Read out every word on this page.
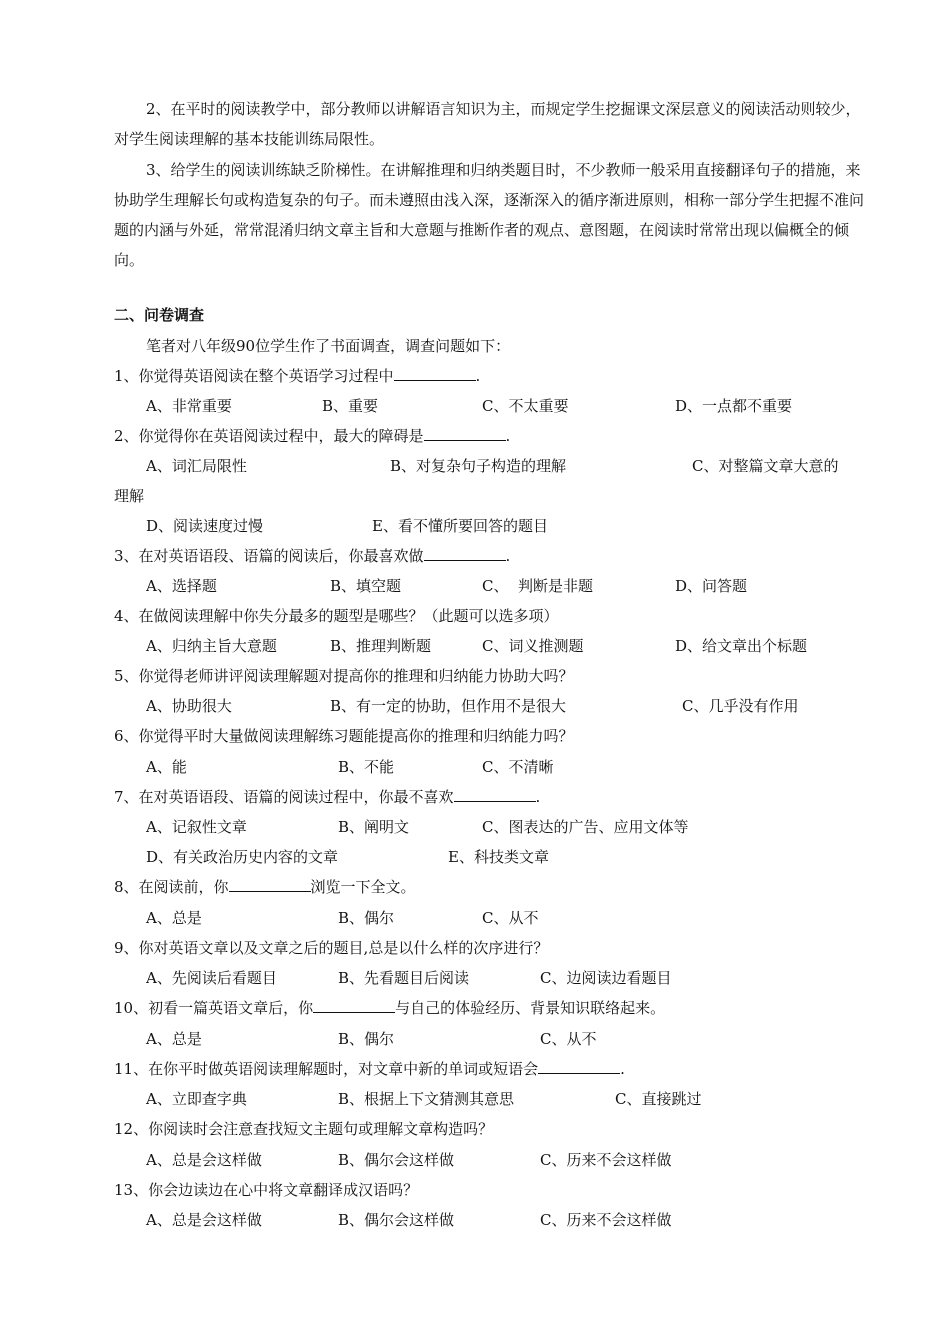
2、在平时的阅读教学中，部分教师以讲解语言知识为主，而规定学生挖掘课文深层意义的阅读活动则较少，对学生阅读理解的基本技能训练局限性。

3、给学生的阅读训练缺乏阶梯性。在讲解推理和归纳类题目时，不少教师一般采用直接翻译句子的措施，来协助学生理解长句或构造复杂的句子。而未遵照由浅入深，逐渐深入的循序渐进原则，相称一部分学生把握不准问题的内涵与外延，常常混淆归纳文章主旨和大意题与推断作者的观点、意图题，在阅读时常常出现以偏概全的倾向。

二、问卷调查

笔者对八年级90位学生作了书面调查，调查问题如下：

1、你觉得英语阅读在整个英语学习过程中	.

A、非常重要	B、重要	C、不太重要	D、一点都不重要

2、你觉得你在英语阅读过程中，最大的障碍是	.

A、词汇局限性	B、对复杂句子构造的理解	C、对整篇文章大意的
理解
D、阅读速度过慢	E、看不懂所要回答的题目

3、在对英语语段、语篇的阅读后，你最喜欢做	.

A、选择题	B、填空题	C、  判断是非题	D、问答题

4、在做阅读理解中你失分最多的题型是哪些？（此题可以选多项）

A、归纳主旨大意题	B、推理判断题	C、词义推测题	D、给文章出个标题

5、你觉得老师讲评阅读理解题对提高你的推理和归纳能力协助大吗？

A、协助很大	B、有一定的协助，但作用不是很大	C、几乎没有作用

6、你觉得平时大量做阅读理解练习题能提高你的推理和归纳能力吗？

A、能	B、不能	C、不清晰

7、在对英语语段、语篇的阅读过程中，你最不喜欢	.

A、记叙性文章	B、阐明文	C、图表达的广告、应用文体等
D、有关政治历史内容的文章	E、科技类文章

8、在阅读前，你	浏览一下全文。

A、总是	B、偶尔	C、从不

9、你对英语文章以及文章之后的题目,总是以什么样的次序进行？

A、先阅读后看题目	B、先看题目后阅读	C、边阅读边看题目

10、初看一篇英语文章后，你	与自己的体验经历、背景知识联络起来。

A、总是	B、偶尔	C、从不

11、在你平时做英语阅读理解题时，对文章中新的单词或短语会	.

A、立即查字典	B、根据上下文猜测其意思	C、直接跳过

12、你阅读时会注意查找短文主题句或理解文章构造吗？

A、总是会这样做	B、偶尔会这样做	C、历来不会这样做

13、你会边读边在心中将文章翻译成汉语吗？

A、总是会这样做	B、偶尔会这样做	C、历来不会这样做
